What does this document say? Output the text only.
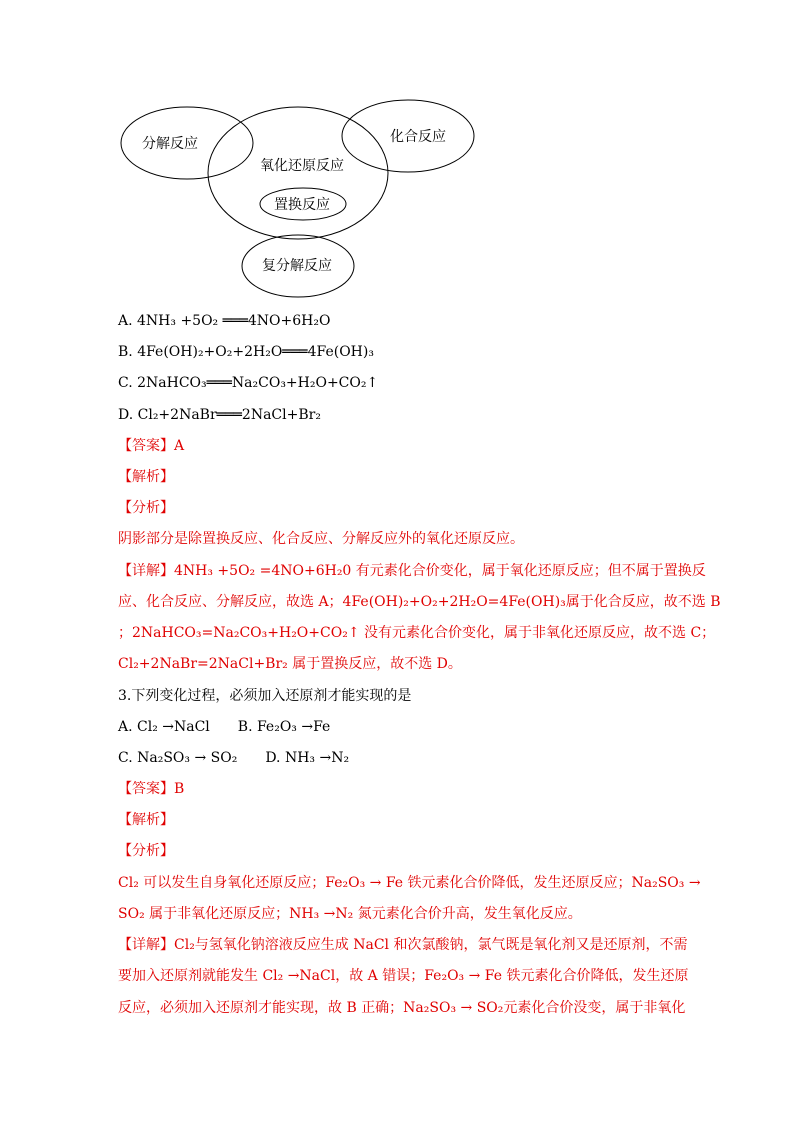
分解反应
氧化还原反应
化合反应
置换反应
复分解反应
A. 4NH₃ +5O₂ ═══4NO+6H₂O
B. 4Fe(OH)₂+O₂+2H₂O═══4Fe(OH)₃
C. 2NaHCO₃═══Na₂CO₃+H₂O+CO₂↑
D. Cl₂+2NaBr═══2NaCl+Br₂
【答案】A
【解析】
【分析】
阴影部分是除置换反应、化合反应、分解反应外的氧化还原反应。
【详解】4NH₃ +5O₂ =4NO+6H₂0 有元素化合价变化，属于氧化还原反应；但不属于置换反
应、化合反应、分解反应，故选 A；4Fe(OH)₂+O₂+2H₂O=4Fe(OH)₃属于化合反应，故不选 B
；2NaHCO₃=Na₂CO₃+H₂O+CO₂↑ 没有元素化合价变化，属于非氧化还原反应，故不选 C；
Cl₂+2NaBr=2NaCl+Br₂ 属于置换反应，故不选 D。
3.下列变化过程，必须加入还原剂才能实现的是
A. Cl₂ →NaCl　　B. Fe₂O₃ →Fe
C. Na₂SO₃ → SO₂　　D. NH₃ →N₂
【答案】B
【解析】
【分析】
Cl₂ 可以发生自身氧化还原反应；Fe₂O₃ → Fe 铁元素化合价降低，发生还原反应；Na₂SO₃ →
SO₂ 属于非氧化还原反应；NH₃ →N₂ 氮元素化合价升高，发生氧化反应。
【详解】Cl₂与氢氧化钠溶液反应生成 NaCl 和次氯酸钠，氯气既是氧化剂又是还原剂，不需
要加入还原剂就能发生 Cl₂ →NaCl，故 A 错误；Fe₂O₃ → Fe 铁元素化合价降低，发生还原
反应，必须加入还原剂才能实现，故 B 正确；Na₂SO₃ → SO₂元素化合价没变，属于非氧化
